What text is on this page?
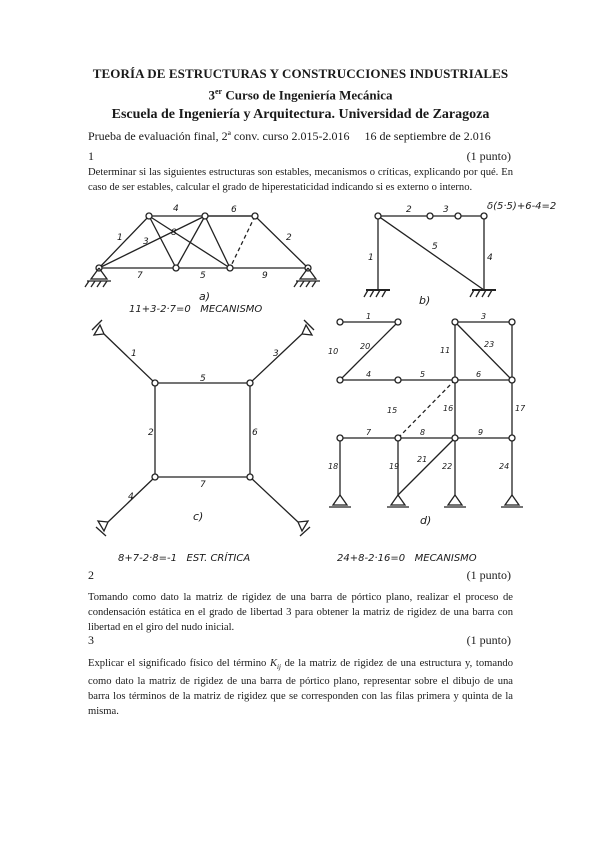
TEORÍA DE ESTRUCTURAS Y CONSTRUCCIONES INDUSTRIALES
3er Curso de Ingeniería Mecánica
Escuela de Ingeniería y Arquitectura. Universidad de Zaragoza
Prueba de evaluación final, 2ª conv. curso 2.015-2.016     16 de septiembre de 2.016
1	(1 punto)
Determinar si las siguientes estructuras son estables, mecanismos o críticas, explicando por qué. En caso de ser estables, calcular el grado de hiperestaticidad indicando si es externo o interno.
a)	b)
c)	d)
1	2
3
4
5
6
7
8
9
1
2	3
4
5
1
2
3
4
5
6
7
1	3
4	5	6
7	8	9
10	11
15	16	17
18	19
20
21
22
23
24
11+3-2·7=0   MECANISMO
δ(5·5)+6-4=2
8+7-2·8=-1   EST. CRÍTICA	24+8-2·16=0   MECANISMO
2	(1 punto)
Tomando como dato la matriz de rigidez de una barra de pórtico plano, realizar el proceso de condensación estática en el grado de libertad 3 para obtener la matriz de rigidez de una barra con libertad en el giro del nudo inicial.
3	(1 punto)
Explicar el significado físico del término $K_{ij}$ de la matriz de rigidez de una estructura y, tomando como dato la matriz de rigidez de una barra de pórtico plano, representar sobre el dibujo de una barra los términos de la matriz de rigidez que se corresponden con las filas primera y quinta de la misma.
